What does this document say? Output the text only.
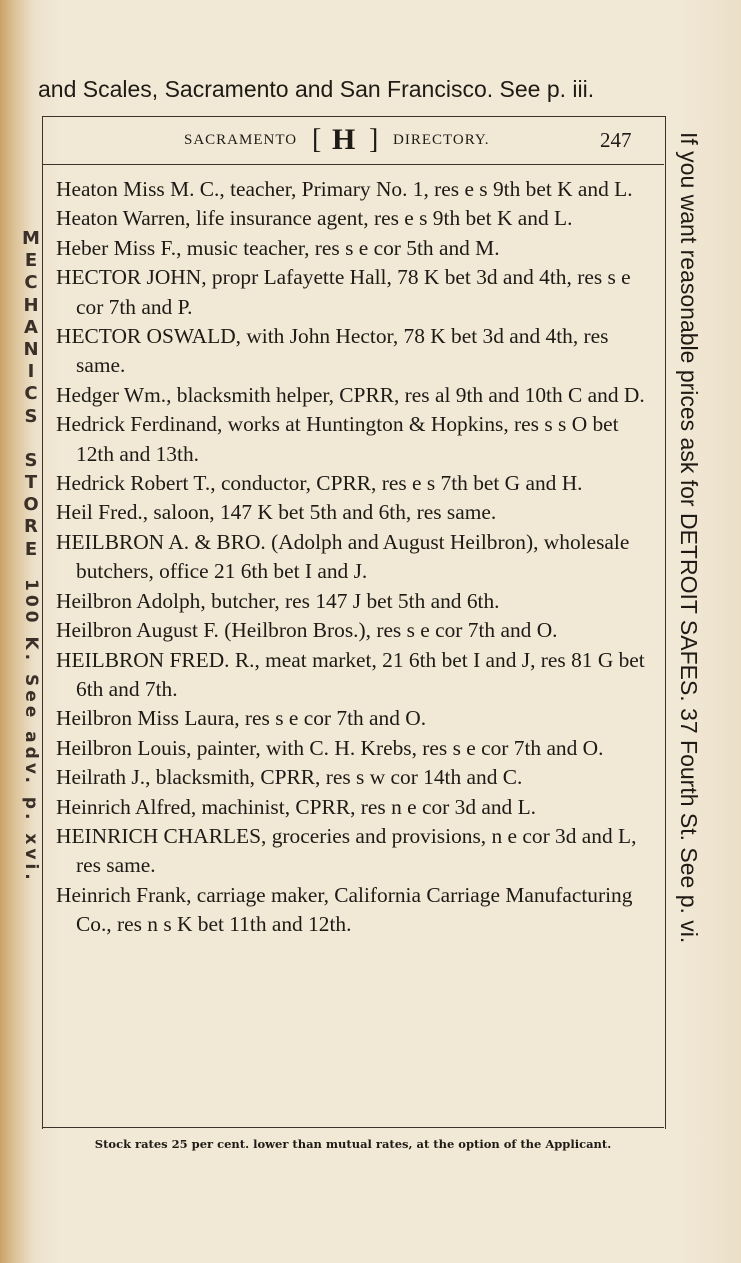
and Scales, Sacramento and San Francisco. See p. iii.
M
E
C
H
A
N
I
C
S
S
T
O
R
E
100 K. See adv. p. xvi.	If you want reasonable prices ask for DETROIT SAFES. 37 Fourth St. See p. vi.
SACRAMENTO [ H ] DIRECTORY.	247
Heaton Miss M. C., teacher, Primary No. 1, res e s 9th bet K and L.
Heaton Warren, life insurance agent, res e s 9th bet K and L.
Heber Miss F., music teacher, res s e cor 5th and M.
HECTOR JOHN, propr Lafayette Hall, 78 K bet 3d and 4th, res s e cor 7th and P.
HECTOR OSWALD, with John Hector, 78 K bet 3d and 4th, res same.
Hedger Wm., blacksmith helper, CPRR, res al 9th and 10th C and D.
Hedrick Ferdinand, works at Huntington & Hopkins, res s s O bet 12th and 13th.
Hedrick Robert T., conductor, CPRR, res e s 7th bet G and H.
Heil Fred., saloon, 147 K bet 5th and 6th, res same.
HEILBRON A. & BRO. (Adolph and August Heilbron), wholesale butchers, office 21 6th bet I and J.
Heilbron Adolph, butcher, res 147 J bet 5th and 6th.
Heilbron August F. (Heilbron Bros.), res s e cor 7th and O.
HEILBRON FRED. R., meat market, 21 6th bet I and J, res 81 G bet 6th and 7th.
Heilbron Miss Laura, res s e cor 7th and O.
Heilbron Louis, painter, with C. H. Krebs, res s e cor 7th and O.
Heilrath J., blacksmith, CPRR, res s w cor 14th and C.
Heinrich Alfred, machinist, CPRR, res n e cor 3d and L.
HEINRICH CHARLES, groceries and provisions, n e cor 3d and L, res same.
Heinrich Frank, carriage maker, California Carriage Manufacturing Co., res n s K bet 11th and 12th.
Stock rates 25 per cent. lower than mutual rates, at the option of the Applicant.
